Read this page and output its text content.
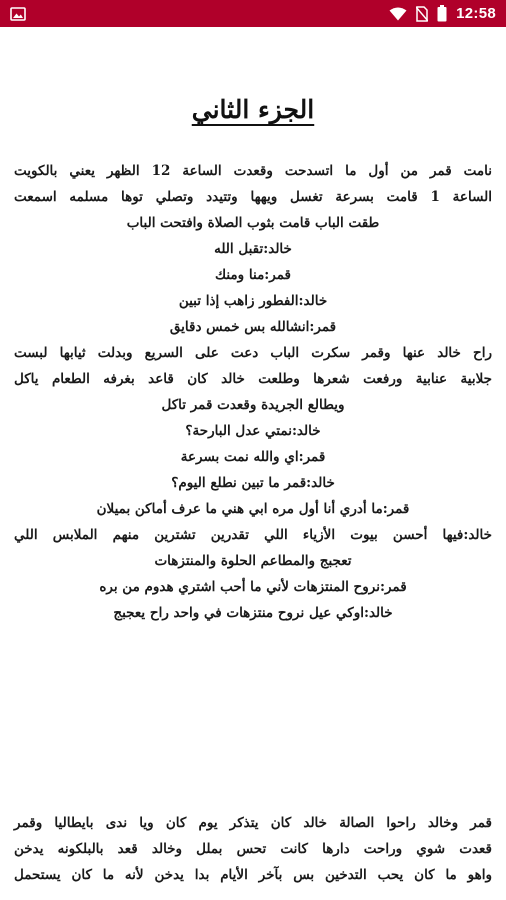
12:58
الجزء الثاني
نامت قمر من أول ما اتسدحت وقعدت الساعة 12 الظهر يعني بالكويت
الساعة 1 قامت بسرعة تغسل ويهها وتتيدد وتصلي توها مسلمه اسمعت
طقت الباب قامت بثوب الصلاة وافتحت الباب
خالد:تقبل الله
قمر:منا ومنك
خالد:الفطور زاهب إذا تبين
قمر:انشالله بس خمس دقايق
راح خالد عنها وقمر سكرت الباب دعت على السريع وبدلت ثيابها لبست
جلابية عنابية ورفعت شعرها وطلعت خالد كان قاعد بغرفه الطعام ياكل
ويطالع الجريدة وقعدت قمر تاكل
خالد:نمتي عدل البارحة؟
قمر:اي والله نمت بسرعة
خالد:قمر ما تبين نطلع اليوم؟
قمر:ما أدري أنا أول مره ابي هني ما عرف أماكن بميلان
خالد:فيها أحسن بيوت الأزياء اللي تقدرين تشترين منهم الملابس اللي
تعجبج والمطاعم الحلوة والمنتزهات
قمر:نروح المنتزهات لأني ما أحب اشتري هدوم من بره
خالد:اوكي عيل نروح منتزهات في واحد راح يعجبج
قمر وخالد راحوا الصالة خالد كان يتذكر يوم كان ويا ندى بايطاليا وقمر
قعدت شوي وراحت دارها كانت تحس بملل وخالد قعد بالبلكونه يدخن
واهو ما كان يحب التدخين بس بآخر الأيام بدا يدخن لأنه ما كان يستحمل
